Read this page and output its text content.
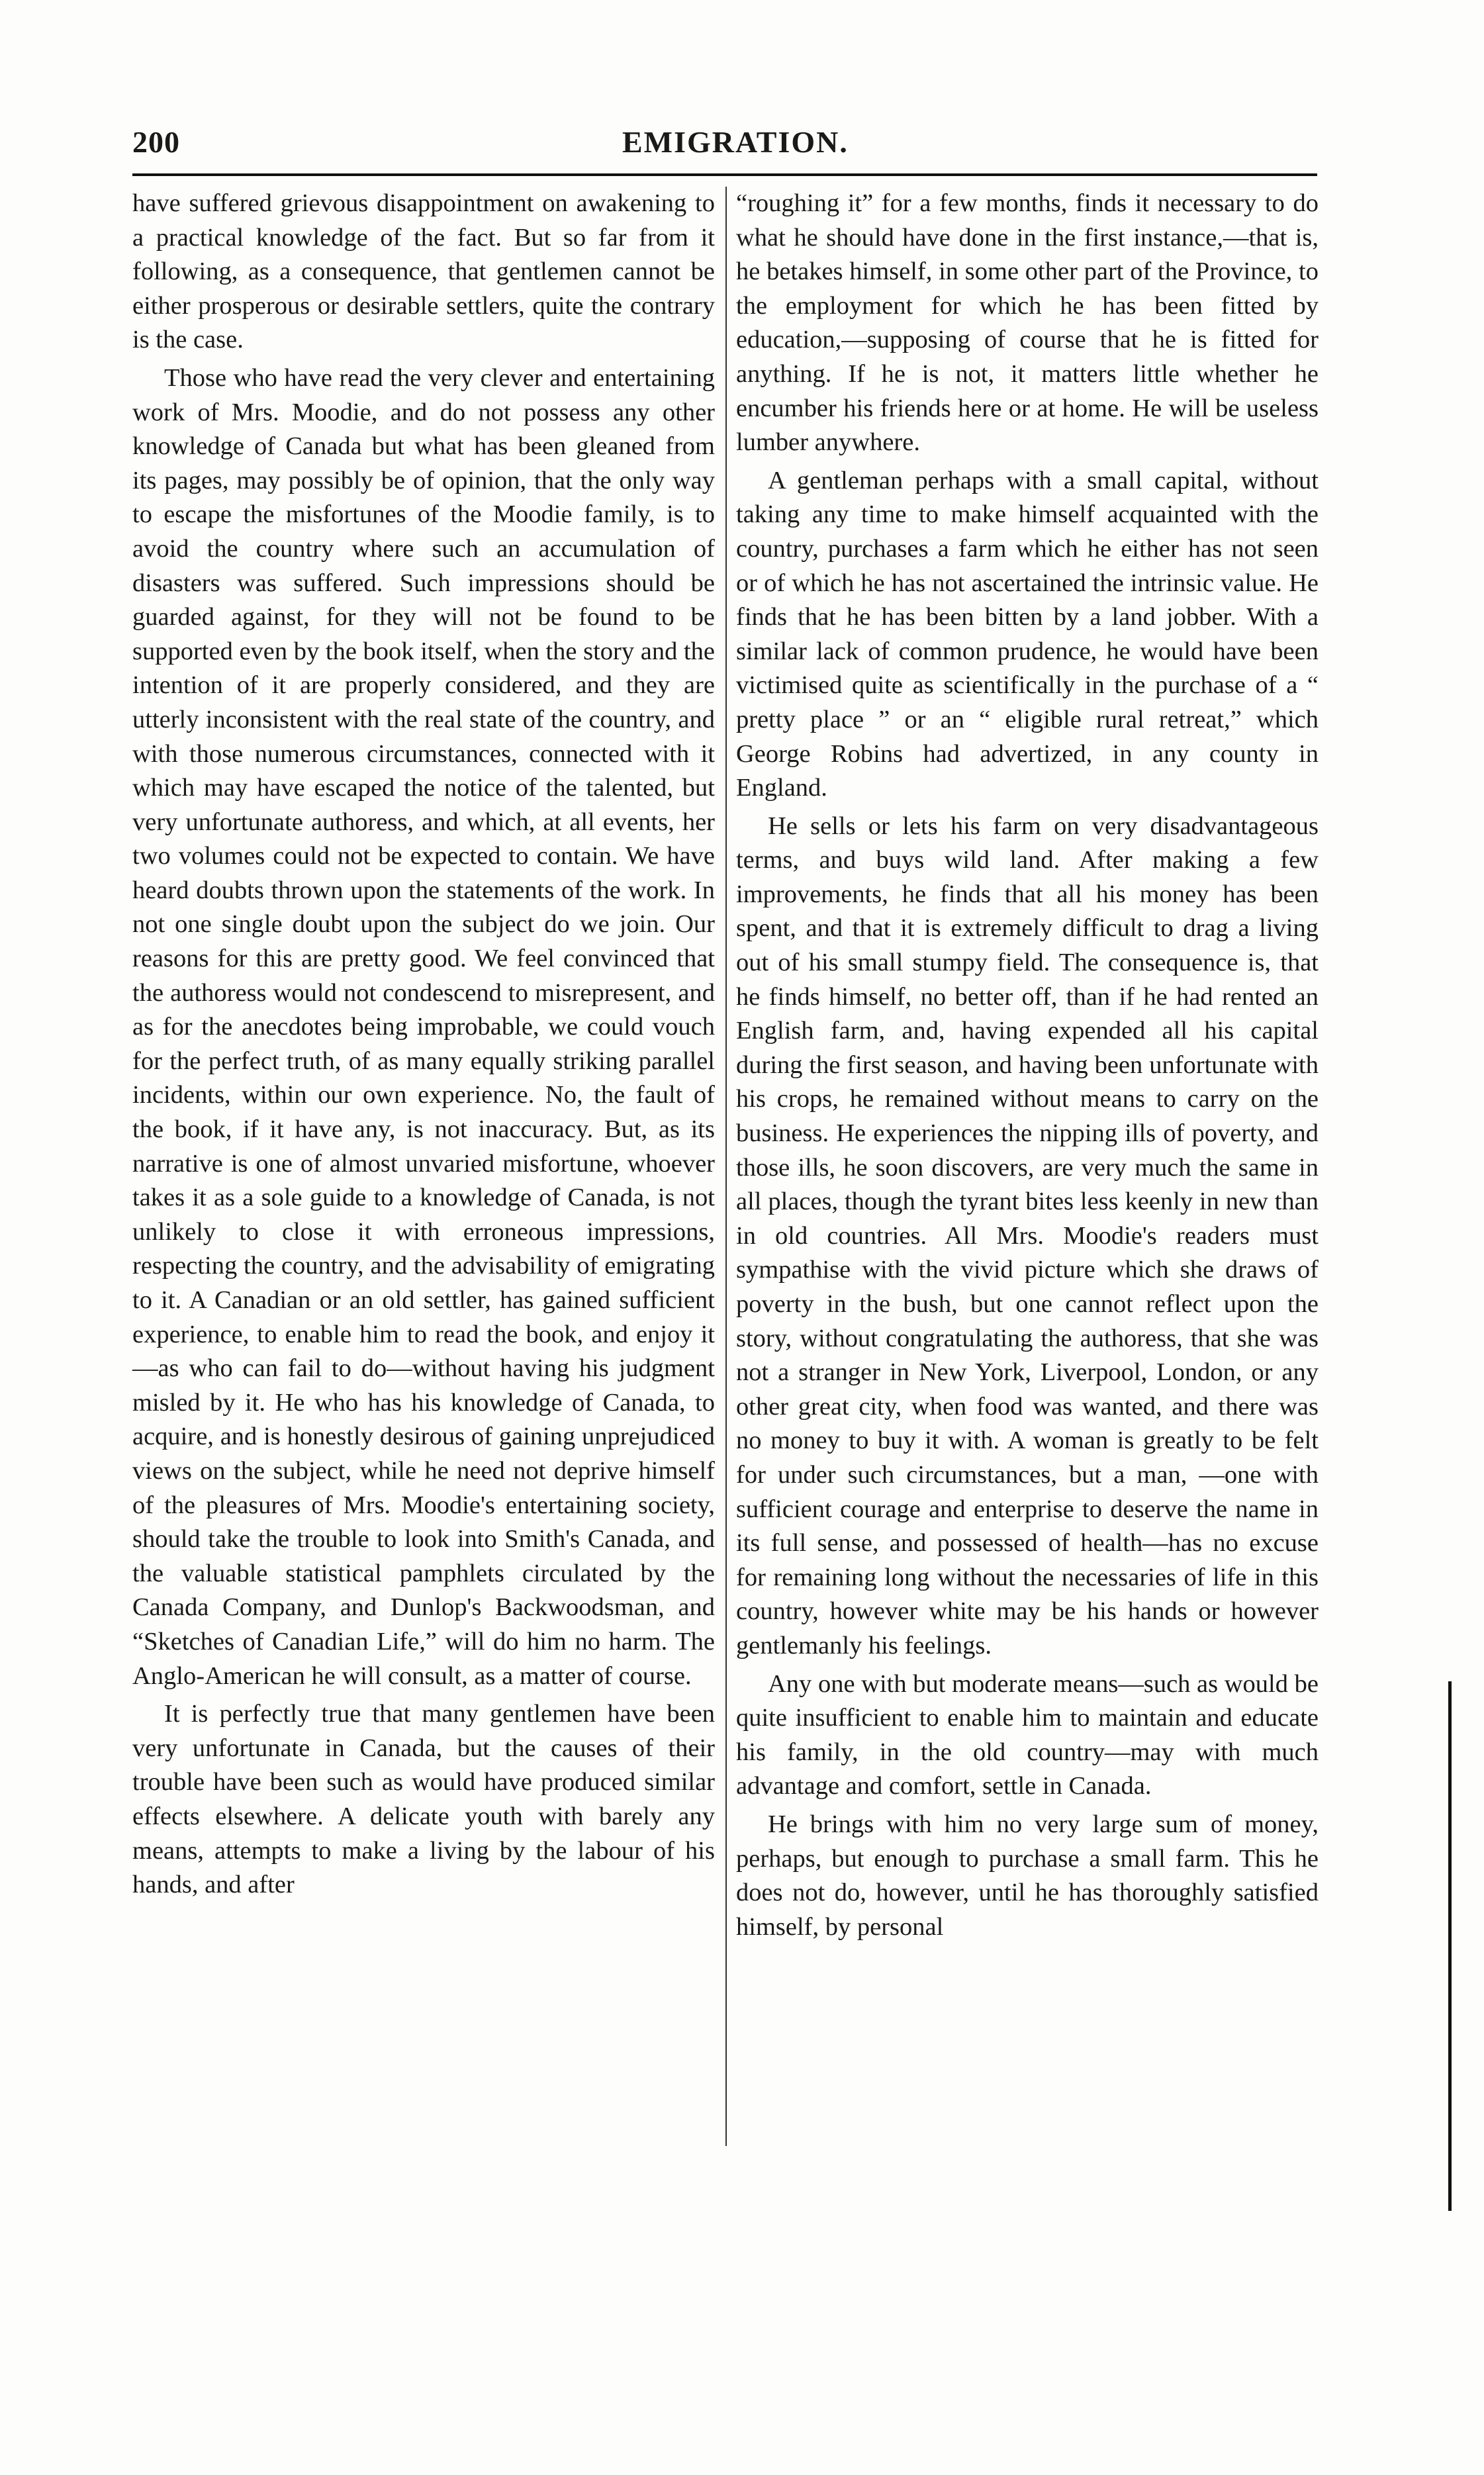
200	EMIGRATION.

have suffered grievous disappointment on awakening to a practical knowledge of the fact. But so far from it following, as a consequence, that gentlemen cannot be either prosperous or desirable settlers, quite the contrary is the case.

Those who have read the very clever and entertaining work of Mrs. Moodie, and do not possess any other knowledge of Canada but what has been gleaned from its pages, may possibly be of opinion, that the only way to escape the misfortunes of the Moodie family, is to avoid the country where such an accumulation of disasters was suffered. Such impressions should be guarded against, for they will not be found to be supported even by the book itself, when the story and the intention of it are properly considered, and they are utterly inconsistent with the real state of the country, and with those numerous circumstances, connected with it which may have escaped the notice of the talented, but very unfortunate authoress, and which, at all events, her two volumes could not be expected to contain. We have heard doubts thrown upon the statements of the work. In not one single doubt upon the subject do we join. Our reasons for this are pretty good. We feel convinced that the authoress would not condescend to misrepresent, and as for the anecdotes being improbable, we could vouch for the perfect truth, of as many equally striking parallel incidents, within our own experience. No, the fault of the book, if it have any, is not inaccuracy. But, as its narrative is one of almost unvaried misfortune, whoever takes it as a sole guide to a knowledge of Canada, is not unlikely to close it with erroneous impressions, respecting the country, and the advisability of emigrating to it. A Canadian or an old settler, has gained sufficient experience, to enable him to read the book, and enjoy it—as who can fail to do—without having his judgment misled by it. He who has his knowledge of Canada, to acquire, and is honestly desirous of gaining unprejudiced views on the subject, while he need not deprive himself of the pleasures of Mrs. Moodie's entertaining society, should take the trouble to look into Smith's Canada, and the valuable statistical pamphlets circulated by the Canada Company, and Dunlop's Backwoodsman, and “Sketches of Canadian Life,” will do him no harm. The Anglo-American he will consult, as a matter of course.

It is perfectly true that many gentlemen have been very unfortunate in Canada, but the causes of their trouble have been such as would have produced similar effects elsewhere. A delicate youth with barely any means, attempts to make a living by the labour of his hands, and after

“roughing it” for a few months, finds it necessary to do what he should have done in the first instance,—that is, he betakes himself, in some other part of the Province, to the employment for which he has been fitted by education,—supposing of course that he is fitted for anything. If he is not, it matters little whether he encumber his friends here or at home. He will be useless lumber anywhere.

A gentleman perhaps with a small capital, without taking any time to make himself acquainted with the country, purchases a farm which he either has not seen or of which he has not ascertained the intrinsic value. He finds that he has been bitten by a land jobber. With a similar lack of common prudence, he would have been victimised quite as scientifically in the purchase of a “ pretty place ” or an “ eligible rural retreat,” which George Robins had advertized, in any county in England.

He sells or lets his farm on very disadvantageous terms, and buys wild land. After making a few improvements, he finds that all his money has been spent, and that it is extremely difficult to drag a living out of his small stumpy field. The consequence is, that he finds himself, no better off, than if he had rented an English farm, and, having expended all his capital during the first season, and having been unfortunate with his crops, he remained without means to carry on the business. He experiences the nipping ills of poverty, and those ills, he soon discovers, are very much the same in all places, though the tyrant bites less keenly in new than in old countries. All Mrs. Moodie's readers must sympathise with the vivid picture which she draws of poverty in the bush, but one cannot reflect upon the story, without congratulating the authoress, that she was not a stranger in New York, Liverpool, London, or any other great city, when food was wanted, and there was no money to buy it with. A woman is greatly to be felt for under such circumstances, but a man, —one with sufficient courage and enterprise to deserve the name in its full sense, and possessed of health—has no excuse for remaining long without the necessaries of life in this country, however white may be his hands or however gentlemanly his feelings.

Any one with but moderate means—such as would be quite insufficient to enable him to maintain and educate his family, in the old country—may with much advantage and comfort, settle in Canada.

He brings with him no very large sum of money, perhaps, but enough to purchase a small farm. This he does not do, however, until he has thoroughly satisfied himself, by personal
